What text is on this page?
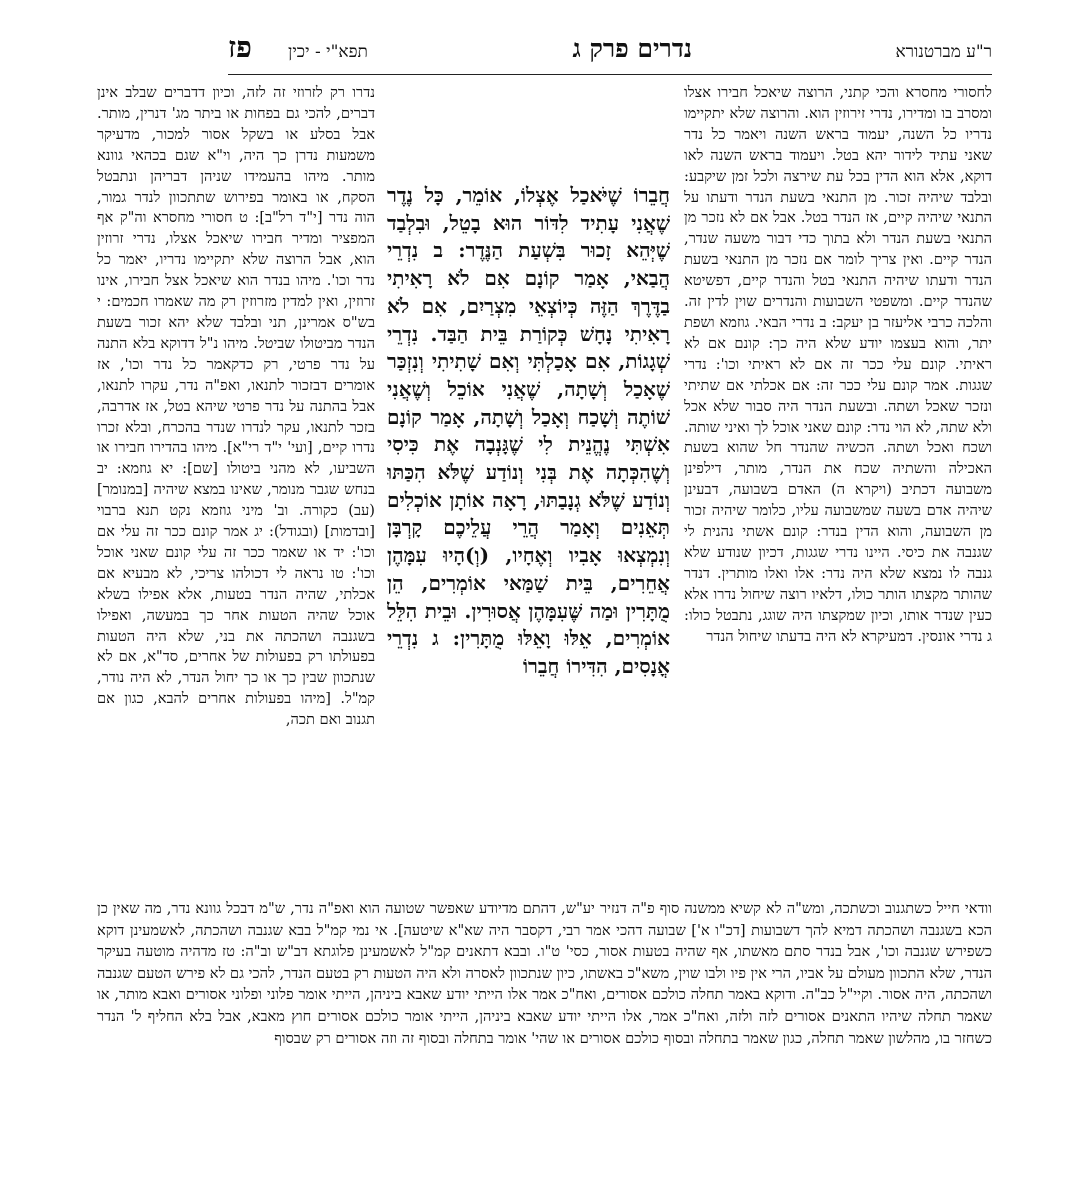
ר"ע מברטנורא
נדרים פרק ג
תפא"י - יכין
פז

לחסורי מחסרא והכי קתני, הרוצה שיאכל חבירו אצלו ומסרב בו ומדירו, נדרי זירוזין הוא. והרוצה שלא יתקיימו נדריו כל השנה, יעמוד בראש השנה ויאמר כל נדר שאני עתיד לידור יהא בטל. ויעמוד בראש השנה לאו דוקא, אלא הוא הדין בכל עת שירצה ולכל זמן שיקבע: ובלבד שיהיה זכור. מן התנאי בשעת הנדר ודעתו על התנאי שיהיה קיים, אז הנדר בטל. אבל אם לא נזכר מן התנאי בשעת הנדר ולא בתוך כדי דבור משעה שנדר, הנדר קיים. ואין צריך לומר אם נזכר מן התנאי בשעת הנדר ודעתו שיהיה התנאי בטל והנדר קיים, דפשיטא שהנדר קיים. ומשפטי השבועות והנדרים שוין לדין זה. והלכה כרבי אליעזר בן יעקב: ב נדרי הבאי. גוזמא ושפת יתר, והוא בעצמו יודע שלא היה כך: קונם אם לא ראיתי. קונם עלי ככר זה אם לא ראיתי וכו': נדרי שגגות. אמר קונם עלי ככר זה: אם אכלתי אם שתיתי ונזכר שאכל ושתה. ובשעת הנדר היה סבור שלא אכל ולא שתה, לא הוי נדר: קונם שאני אוכל לך ואיני שותה. ושכח ואכל ושתה. הכשיה שהנדר חל שהוא בשעת האכילה והשתיה שכח את הנדר, מותר, דילפינן משבועה דכתיב (ויקרא ה) האדם בשבועה, דבעינן שיהיה אדם בשעה שמשבועה עליו, כלומר שיהיה זכור מן השבועה, והוא הדין בנדר: קונם אשתי נהנית לי שגנבה את כיסי. היינו נדרי שגגות, דכיון שנודע שלא גנבה לו נמצא שלא היה נדר: אלו ואלו מותרין. דנדר שהותר מקצתו הותר כולו, דלאיו רוצה שיחול נדרו אלא כעין שנדר אותו, וכיון שמקצתו היה שוגג, נתבטל כולו: ג נדרי אונסין. דמעיקרא לא היה בדעתו שיחול הנדר

חֲבֵרוֹ שֶׁיֹּאכַל אֶצְלוֹ, אוֹמֵר, כָּל נֶדֶר שֶׁאֲנִי עָתִיד לִדּוֹר הוּא בָטֵל, וּבִלְבַד שֶׁיְּהֵא זָכוּר בִּשְׁעַת הַנֶּדֶר: ב נִדְרֵי הֲבַאי, אָמַר קוֹנָם אִם לֹא רָאִיתִי בַדֶּרֶךְ הַזֶּה כְּיוֹצְאֵי מִצְרַיִם, אִם לֹא רָאִיתִי נָחָשׁ כְּקוֹרַת בֵּית הַבַּד. נִדְרֵי שְׁגָגוֹת, אִם אָכַלְתִּי וְאִם שָׁתִיתִי וְנִזְכַּר שֶׁאָכַל וְשָׁתָה, שֶׁאֲנִי אוֹכֵל וְשֶׁאֲנִי שׁוֹתֶה וְשָׁכַח וְאָכַל וְשָׁתָה, אָמַר קוֹנָם אִשְׁתִּי נֶהֱנֵית לִי שֶׁגָּנְבָה אֶת כִּיסִי וְשֶׁהִכְּתָה אֶת בְּנִי וְנוֹדַע שֶׁלֹּא הִכַּתּוּ וְנוֹדַע שֶׁלֹּא גְנָבַתּוּ, רָאָה אוֹתָן אוֹכְלִים תְּאֵנִים וְאָמַר הֲרֵי עֲלֵיכֶם קָרְבָּן וְנִמְצְאוּ אָבִיו וְאֶחָיו, (וְ)הָיוּ עִמָּהֶן אֲחֵרִים, בֵּית שַׁמַּאי אוֹמְרִים, הֵן מֻתָּרִין וּמַה שֶּׁעִמָּהֶן אֲסוּרִין. וּבֵית הִלֵּל אוֹמְרִים, אֵלּוּ וָאֵלּוּ מֻתָּרִין: ג נִדְרֵי אֳנָסִים, הִדִּירוֹ חֲבֵרוֹ

נדרו רק לזרוזי זה לזה, וכיון דדברים שבלב אינן דברים, להכי גם בפחות או ביתר מג' דנרין, מותר. אבל בסלע או בשקל אסור למכור, מדעיקר משמעות נדרן כך היה, וי"א שגם בכהאי גוונא מותר. מיהו בהעמידו שניהן דבריהן ונתבטל הסקח, או באומר בפירוש שתתכוון לנדר גמור, הוה נדר [י"ד רל"ב]: ט חסורי מחסרא וה"ק אף המפציר ומדיר חבירו שיאכל אצלו, נדרי זרוזין הוא, אבל הרוצה שלא יתקיימו נדריו, יאמר כל נדר וכו'. מיהו בנדר הוא שיאכל אצל חבירו, אינו זרוזין, ואין למדין מזרוזין רק מה שאמרו חכמים: י בש"ס אמרינן, תני ובלבד שלא יהא זכור בשעת הנדר מביטולו שביטל. מיהו נ"ל דדוקא בלא התנה על נדר פרטי, רק כדקאמר כל נדר וכו', אז אומרים דבזכור לתנאו, ואפ"ה נדר, עקרו לתנאו, אבל בהתנה על נדר פרטי שיהא בטל, אז אדרבה, בזכר לתנאו, עקר לנדרו שנדר בהכרח, ובלא זכרו נדרו קיים, [ועי' י"ד רי"א]. מיהו בהדירו חבירו או השביעו, לא מהני ביטולו [שם]: יא גוזמא: יב בנחש שגבר מנומר, שאינו במצא שיהיה [במנומר] (עב) כקורה. וב' מיני גוזמא נקט תנא ברבוי [ובדמות] (ובגודל): יג אמר קונם ככר זה עלי אם וכו': יד או שאמר ככר זה עלי קונם שאני אוכל וכו': טו נראה לי דכולהו צריכי, לא מבעיא אם אכלתי, שהיה הנדר בטעות, אלא אפילו בשלא אוכל שהיה הטעות אחר כך במעשה, ואפילו בשגנבה ושהכתה את בני, שלא היה הטעות בפעולתו רק בפעולות של אחרים, סד"א, אם לא שנתכוון שבין כך או כך יחול הנדר, לא היה נודר, קמ"ל. [מיהו בפעולות אחרים להבא, כגון אם תגנוב ואם תכה,

וודאי חייל כשתגנוב וכשתכה, ומש"ה לא קשיא ממשנה סוף פ"ה דנזיר יע"ש, דהתם מדיודע שאפשר שטועה הוא ואפ"ה נדר, ש"מ דבכל גוונא נדר, מה שאין כן הכא בשגנבה ושהכתה דמיא להך דשבועות [דכ"ו א'] שבועה דהכי אמר רבי, דקסבר היה שא"א שיטעה]. אי נמי קמ"ל בבא שגנבה ושהכתה, לאשמעינן דוקא כשפירש שגנבה וכו', אבל בנדר סתם מאשתו, אף שהיה בטעות אסור, כסי' ט"ו. ובבא דתאנים קמ"ל לאשמעינן פלוגתא דב"ש וב"ה: טז מדהיה מוטעה בעיקר הנדר, שלא התכוון מעולם על אביו, הרי אין פיו ולבו שוין, משא"כ באשתו, כיון שנתכוון לאסרה ולא היה הטעות רק בטעם הנדר, להכי גם לא פירש הטעם שגנבה ושהכתה, היה אסור. וקיי"ל כב"ה. ודוקא באמר תחלה כולכם אסורים, ואח"כ אמר אלו הייתי יודע שאבא ביניהן, הייתי אומר פלוני ופלוני אסורים ואבא מותר, או שאמר תחלה שיהיו התאנים אסורים לזה ולזה, ואח"כ אמר, אלו הייתי יודע שאבא ביניהן, הייתי אומר כולכם אסורים חוץ מאבא, אבל בלא החליף ל' הנדר כשחזר בו, מהלשון שאמר תחלה, כגון שאמר בתחלה ובסוף כולכם אסורים או שהי' אומר בתחלה ובסוף זה וזה אסורים רק שבסוף
